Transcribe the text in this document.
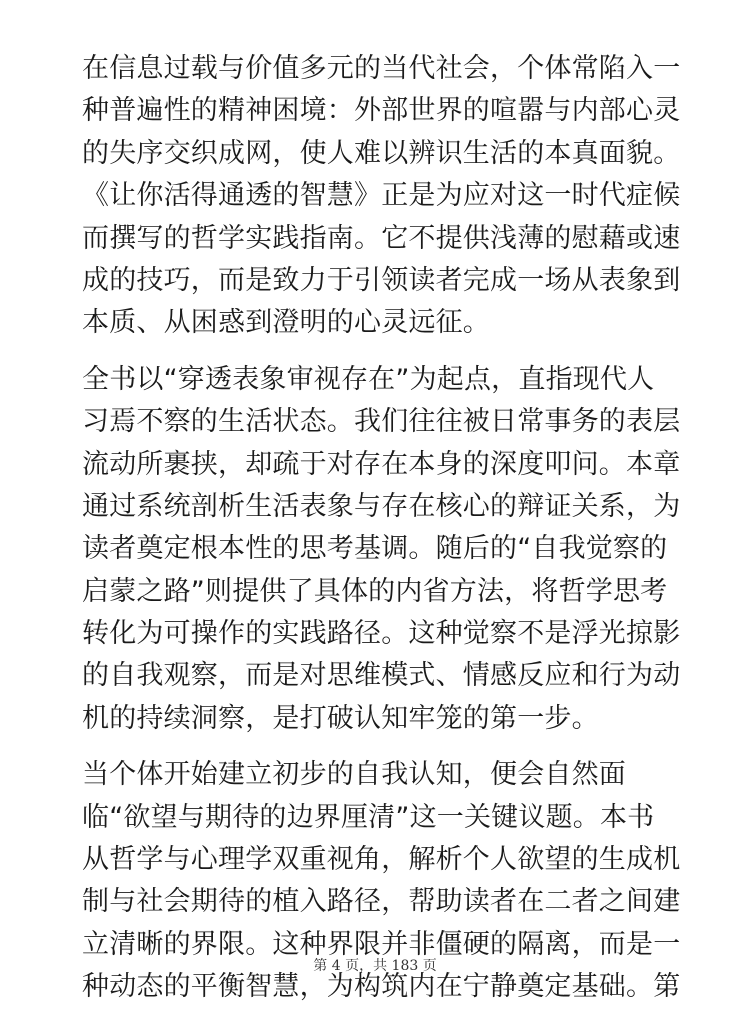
在信息过载与价值多元的当代社会，个体常陷入一
种普遍性的精神困境：外部世界的喧嚣与内部心灵
的失序交织成网，使人难以辨识生活的本真面貌。
《让你活得通透的智慧》正是为应对这一时代症候
而撰写的哲学实践指南。它不提供浅薄的慰藉或速
成的技巧，而是致力于引领读者完成一场从表象到
本质、从困惑到澄明的心灵远征。

全书以“穿透表象审视存在”为起点，直指现代人
习焉不察的生活状态。我们往往被日常事务的表层
流动所裹挟，却疏于对存在本身的深度叩问。本章
通过系统剖析生活表象与存在核心的辩证关系，为
读者奠定根本性的思考基调。随后的“自我觉察的
启蒙之路”则提供了具体的内省方法，将哲学思考
转化为可操作的实践路径。这种觉察不是浮光掠影
的自我观察，而是对思维模式、情感反应和行为动
机的持续洞察，是打破认知牢笼的第一步。

当个体开始建立初步的自我认知，便会自然面
临“欲望与期待的边界厘清”这一关键议题。本书
从哲学与心理学双重视角，解析个人欲望的生成机
制与社会期待的植入路径，帮助读者在二者之间建
立清晰的界限。这种界限并非僵硬的隔离，而是一
种动态的平衡智慧，为构筑内在宁静奠定基础。第

第 4 页，共 183 页
